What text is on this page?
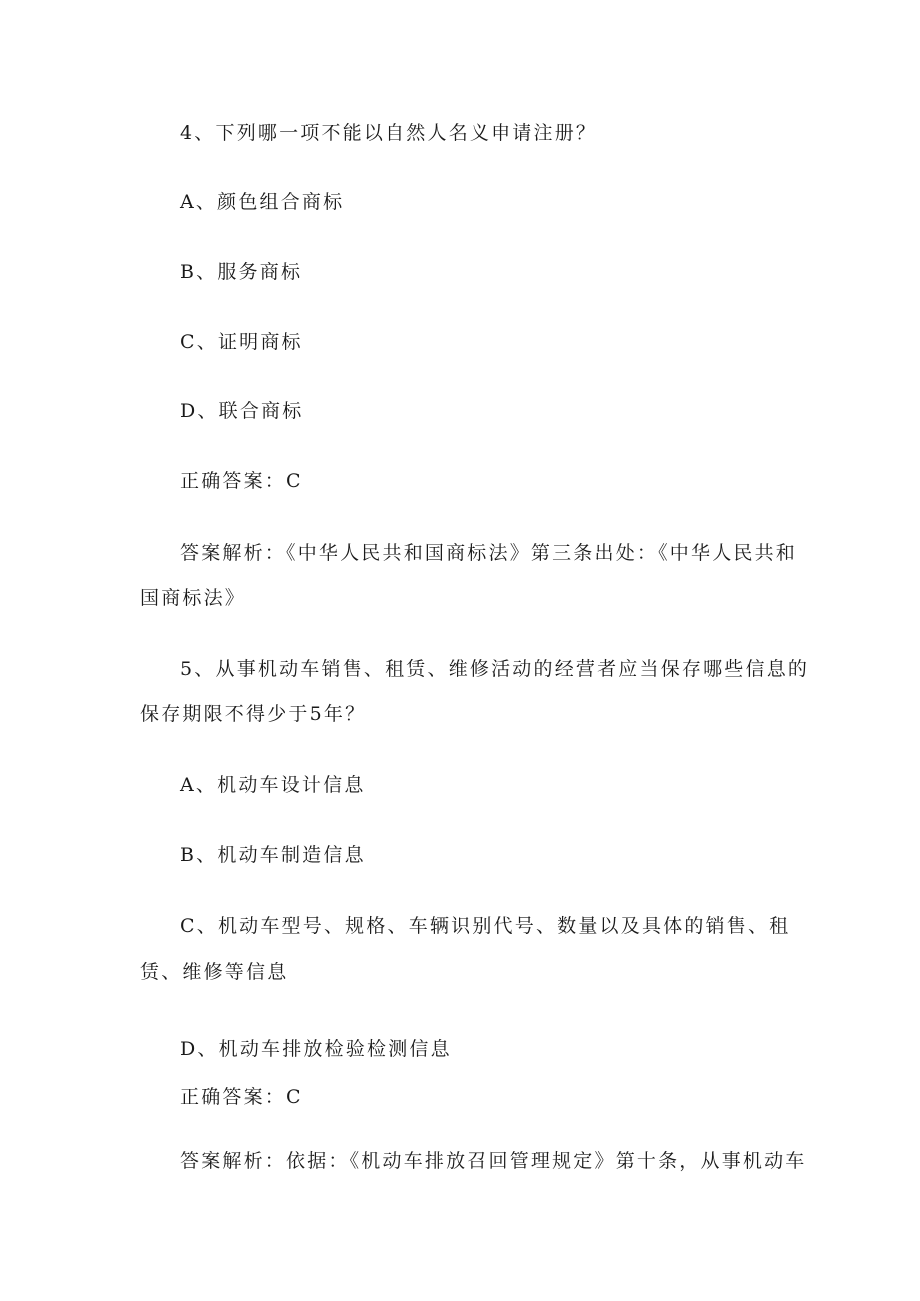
4、下列哪一项不能以自然人名义申请注册？
A、颜色组合商标
B、服务商标
C、证明商标
D、联合商标
正确答案：C
答案解析：《中华人民共和国商标法》第三条出处：《中华人民共和
国商标法》
5、从事机动车销售、租赁、维修活动的经营者应当保存哪些信息的
保存期限不得少于5年？
A、机动车设计信息
B、机动车制造信息
C、机动车型号、规格、车辆识别代号、数量以及具体的销售、租
赁、维修等信息
D、机动车排放检验检测信息
正确答案：C
答案解析：依据：《机动车排放召回管理规定》第十条，从事机动车
